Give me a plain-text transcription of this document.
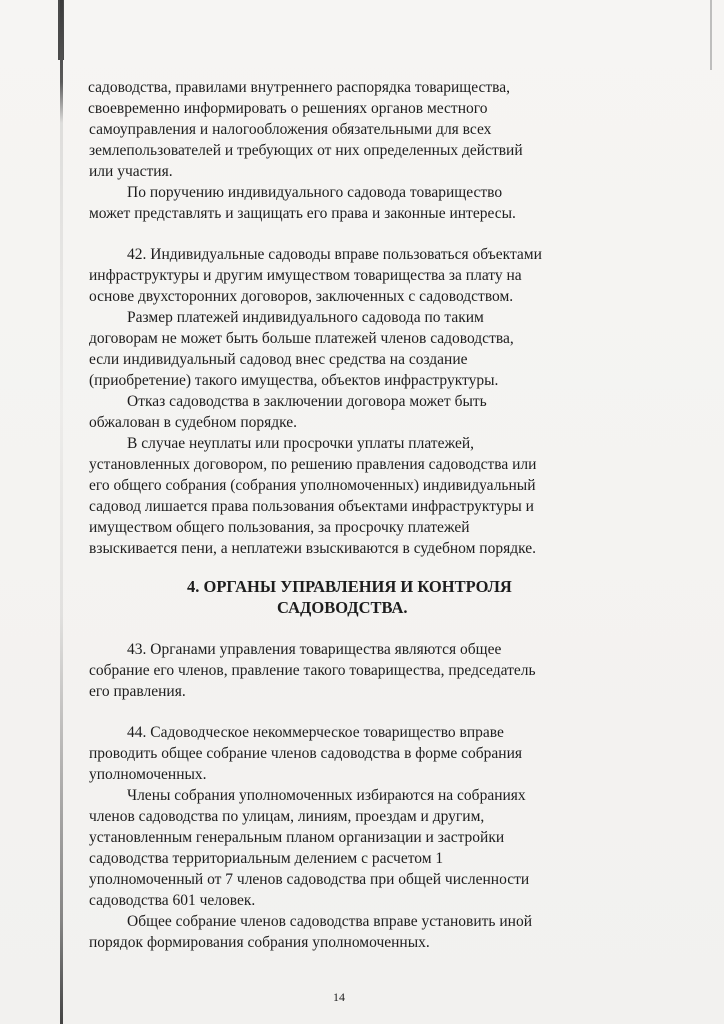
садоводства, правилами внутреннего распорядка товарищества,
своевременно информировать о решениях органов местного
самоуправления и налогообложения обязательными для всех
землепользователей и требующих от них определенных действий
или участия.
По поручению индивидуального садовода товарищество
может представлять и защищать его права и законные интересы.
42. Индивидуальные садоводы вправе пользоваться объектами
инфраструктуры и другим имуществом товарищества за плату на
основе двухсторонних договоров, заключенных с садоводством.
Размер платежей индивидуального садовода по таким
договорам не может быть больше платежей членов садоводства,
если индивидуальный садовод внес средства на создание
(приобретение) такого имущества, объектов инфраструктуры.
Отказ садоводства в заключении договора может быть
обжалован в судебном порядке.
В случае неуплаты или просрочки уплаты платежей,
установленных договором, по решению правления садоводства или
его общего собрания (собрания уполномоченных) индивидуальный
садовод лишается права пользования объектами инфраструктуры и
имуществом общего пользования, за просрочку платежей
взыскивается пени, а неплатежи взыскиваются в судебном порядке.
4. ОРГАНЫ УПРАВЛЕНИЯ И КОНТРОЛЯ
САДОВОДСТВА.
43. Органами управления товарищества являются общее
собрание его членов, правление такого товарищества, председатель
его правления.
44. Садоводческое некоммерческое товарищество вправе
проводить общее собрание членов садоводства в форме собрания
уполномоченных.
Члены собрания уполномоченных избираются на собраниях
членов садоводства по улицам, линиям, проездам и другим,
установленным генеральным планом организации и застройки
садоводства территориальным делением с расчетом 1
уполномоченный от 7 членов садоводства при общей численности
садоводства 601 человек.
Общее собрание членов садоводства вправе установить иной
порядок формирования собрания уполномоченных.
14
